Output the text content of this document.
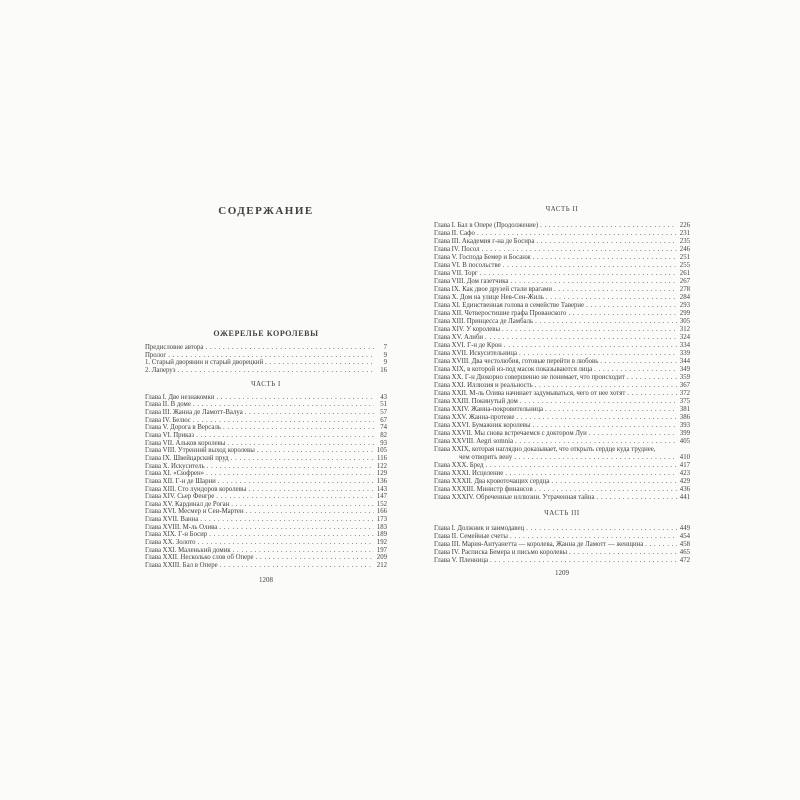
СОДЕРЖАНИЕ
ОЖЕРЕЛЬЕ КОРОЛЕВЫ
Предисловие автора . . .	7
Пролог . . .	9
1. Старый дворянин и старый дворецкий . . .	9
2. Лаперуз . . .	16
ЧАСТЬ I
Глава I. Две незнакомки . . .	43
Глава II. В доме . . .	51
Глава III. Жанна де Ламотт-Валуа . . .	57
Глава IV. Белюс . . .	67
Глава V. Дорога в Версаль . . .	74
Глава VI. Приказ . . .	82
Глава VII. Альков королевы . . .	93
Глава VIII. Утренний выход королевы . . .	105
Глава IX. Швейцарский пруд . . .	116
Глава X. Искуситель . . .	122
Глава XI. «Сюфрен» . . .	129
Глава XII. Г-н де Шарни . . .	136
Глава XIII. Сто луидоров королевы . . .	143
Глава XIV. Сьер Фенгре . . .	147
Глава XV. Кардинал де Роган . . .	152
Глава XVI. Месмер и Сен-Мартен . . .	166
Глава XVII. Ванна . . .	173
Глава XVIII. М-ль Олива . . .	183
Глава XIX. Г-н Босир . . .	189
Глава XX. Золото . . .	192
Глава XXI. Маленький домик . . .	197
Глава XXII. Несколько слов об Опере . . .	209
Глава XXIII. Бал в Опере . . .	212
1208
ЧАСТЬ II
Глава I. Бал в Опере (Продолжение) . . .	226
Глава II. Сафо . . .	231
Глава III. Академия г-на де Босира . . .	235
Глава IV. Посол . . .	246
Глава V. Господа Бемер и Босанж . . .	251
Глава VI. В посольстве . . .	255
Глава VII. Торг . . .	261
Глава VIII. Дом газетчика . . .	267
Глава IX. Как двое друзей стали врагами . . .	278
Глава X. Дом на улице Нев-Сен-Жиль . . .	284
Глава XI. Единственная голова в семействе Таверне . . .	293
Глава XII. Четверостишие графа Прованского . . .	299
Глава XIII. Принцесса де Ламбаль . . .	305
Глава XIV. У королевы . . .	312
Глава XV. Алиби . . .	324
Глава XVI. Г-н де Крон . . .	334
Глава XVII. Искусительница . . .	339
Глава XVIII. Два честолюбия, готовые перейти в любовь . . .	344
Глава XIX, в которой из-под масок показываются лица . . .	349
Глава XX. Г-н Дюкорно совершенно не понимает, что происходит . . .	359
Глава XXI. Иллюзия и реальность . . .	367
Глава XXII. М-ль Олива начинает задумываться, чего от нее хотят . . .	372
Глава XXIII. Покинутый дом . . .	375
Глава XXIV. Жанна-покровительница . . .	381
Глава XXV. Жанна-протеже . . .	386
Глава XXVI. Бумажник королевы . . .	393
Глава XXVII. Мы снова встречаемся с доктором Луи . . .	399
Глава XXVIII. Aegri somnia . . .	405
Глава XXIX, которая наглядно доказывает, что открыть сердце куда труднее,
чем отворить вену . . .	410
Глава XXX. Бред . . .	417
Глава XXXI. Исцеление . . .	423
Глава XXXII. Два кровоточащих сердца . . .	429
Глава XXXIII. Министр финансов . . .	436
Глава XXXIV. Обреченные иллюзии. Утраченная тайна . . .	441
ЧАСТЬ III
Глава I. Должник и заимодавец . . .	449
Глава II. Семейные счеты . . .	454
Глава III. Мария-Антуанетта — королева, Жанна де Ламотт — женщина . . .	458
Глава IV. Расписка Бемера и письмо королевы . . .	465
Глава V. Пленница . . .	472
1209
